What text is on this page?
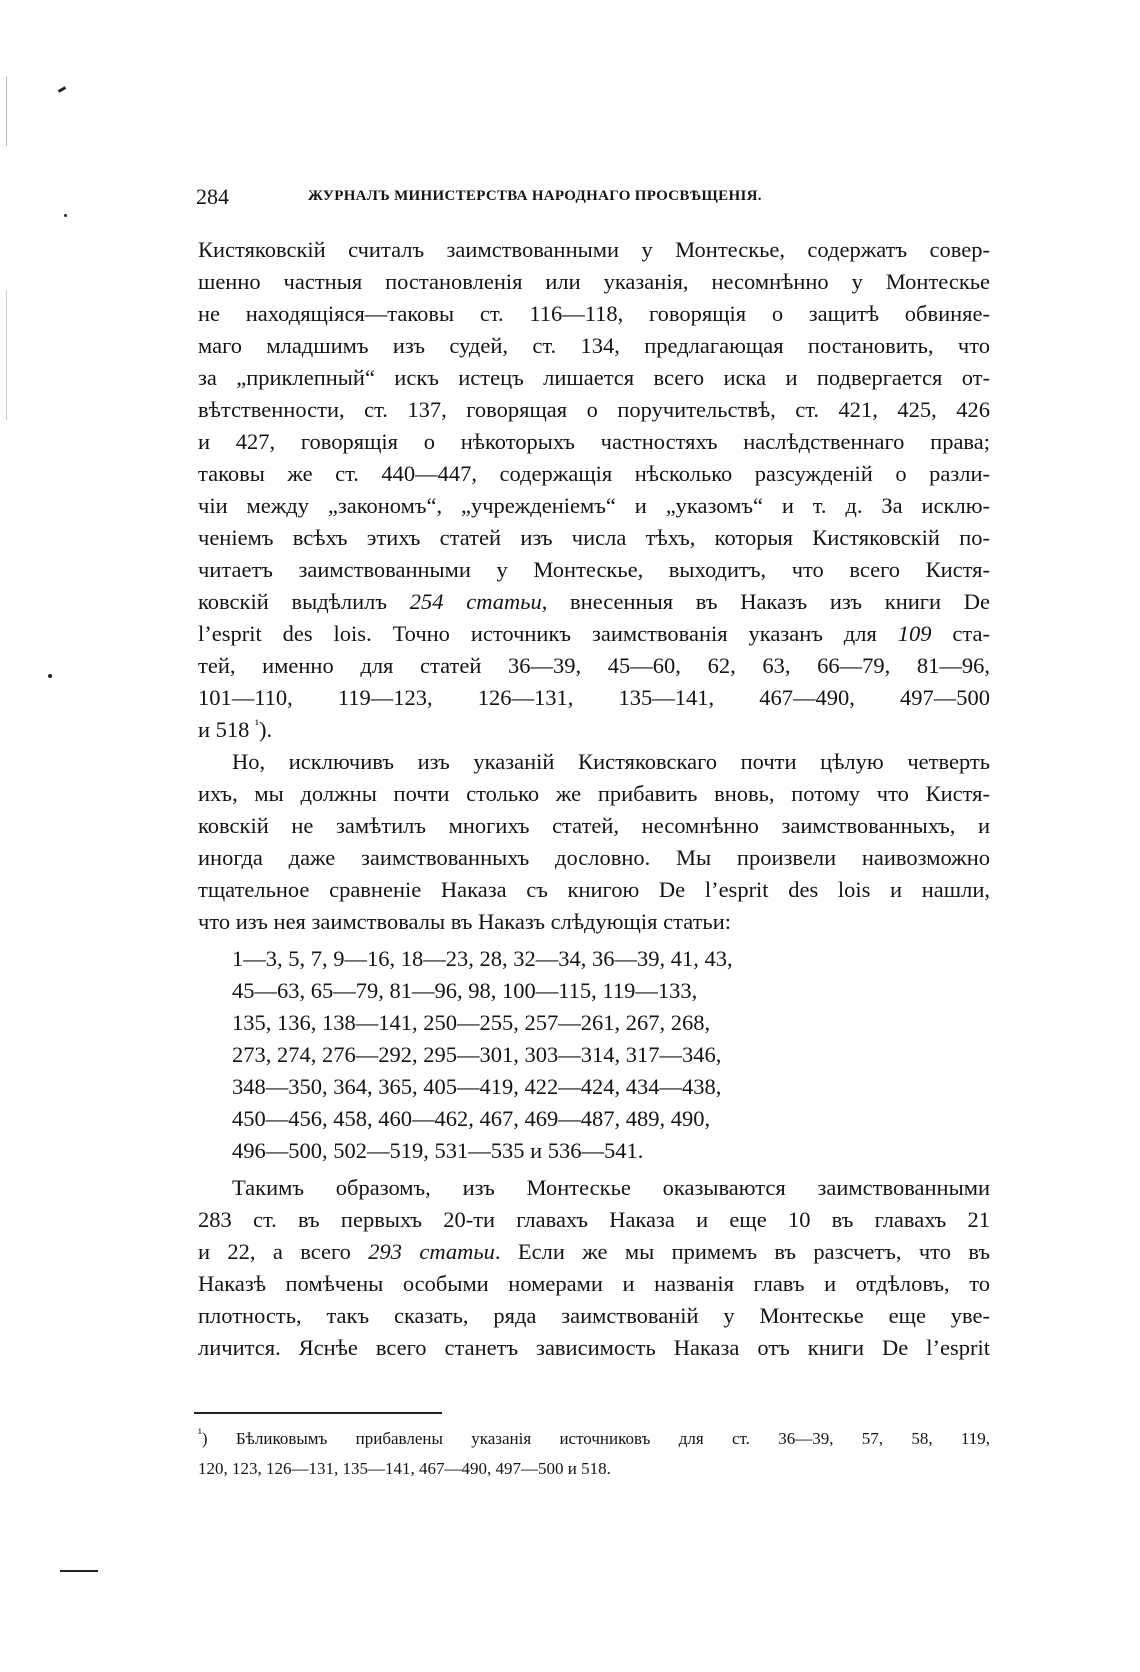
284	ЖУРНАЛЪ МИНИСТЕРСТВА НАРОДНАГО ПРОСВѢЩЕНІЯ.
Кистяковскій считалъ заимствованными у Монтескье, содержатъ совер-
шенно частныя постановленія или указанія, несомнѣнно у Монтескье
не находящіяся—таковы ст. 116—118, говорящія о защитѣ обвиняе-
маго младшимъ изъ судей, ст. 134, предлагающая постановить, что
за „приклепный“ искъ истецъ лишается всего иска и подвергается от-
вѣтственности, ст. 137, говорящая о поручительствѣ, ст. 421, 425, 426
и 427, говорящія о нѣкоторыхъ частностяхъ наслѣдственнаго права;
таковы же ст. 440—447, содержащія нѣсколько разсужденій о разли-
чіи между „закономъ“, „учрежденіемъ“ и „указомъ“ и т. д. За исклю-
ченіемъ всѣхъ этихъ статей изъ числа тѣхъ, которыя Кистяковскій по-
читаетъ заимствованными у Монтескье, выходитъ, что всего Кистя-
ковскій выдѣлилъ 254 статьи, внесенныя въ Наказъ изъ книги De
l’esprit des lois. Точно источникъ заимствованія указанъ для 109 ста-
тей, именно для статей 36—39, 45—60, 62, 63, 66—79, 81—96,
101—110, 119—123, 126—131, 135—141, 467—490, 497—500
и 518 $^{^1}$).
Но, исключивъ изъ указаній Кистяковскаго почти цѣлую четверть
ихъ, мы должны почти столько же прибавить вновь, потому что Кистя-
ковскій не замѣтилъ многихъ статей, несомнѣнно заимствованныхъ, и
иногда даже заимствованныхъ дословно. Мы произвели наивозможно
тщательное сравненіе Наказа съ книгою De l’esprit des lois и нашли,
что изъ нея заимствовалы въ Наказъ слѣдующія статьи:
1—3, 5, 7, 9—16, 18—23, 28, 32—34, 36—39, 41, 43,
45—63, 65—79, 81—96, 98, 100—115, 119—133,
135, 136, 138—141, 250—255, 257—261, 267, 268,
273, 274, 276—292, 295—301, 303—314, 317—346,
348—350, 364, 365, 405—419, 422—424, 434—438,
450—456, 458, 460—462, 467, 469—487, 489, 490,
496—500, 502—519, 531—535 и 536—541.
Такимъ образомъ, изъ Монтескье оказываются заимствованными
283 ст. въ первыхъ 20-ти главахъ Наказа и еще 10 въ главахъ 21
и 22, а всего 293 статьи. Если же мы примемъ въ разсчетъ, что въ
Наказѣ помѣчены особыми номерами и названія главъ и отдѣловъ, то
плотность, такъ сказать, ряда заимствованій у Монтескье еще уве-
личится. Яснѣе всего станетъ зависимость Наказа отъ книги De l’esprit
$^{^1}$) Бѣликовымъ прибавлены указанія источниковъ для ст. 36—39, 57, 58, 119,
120, 123, 126—131, 135—141, 467—490, 497—500 и 518.
